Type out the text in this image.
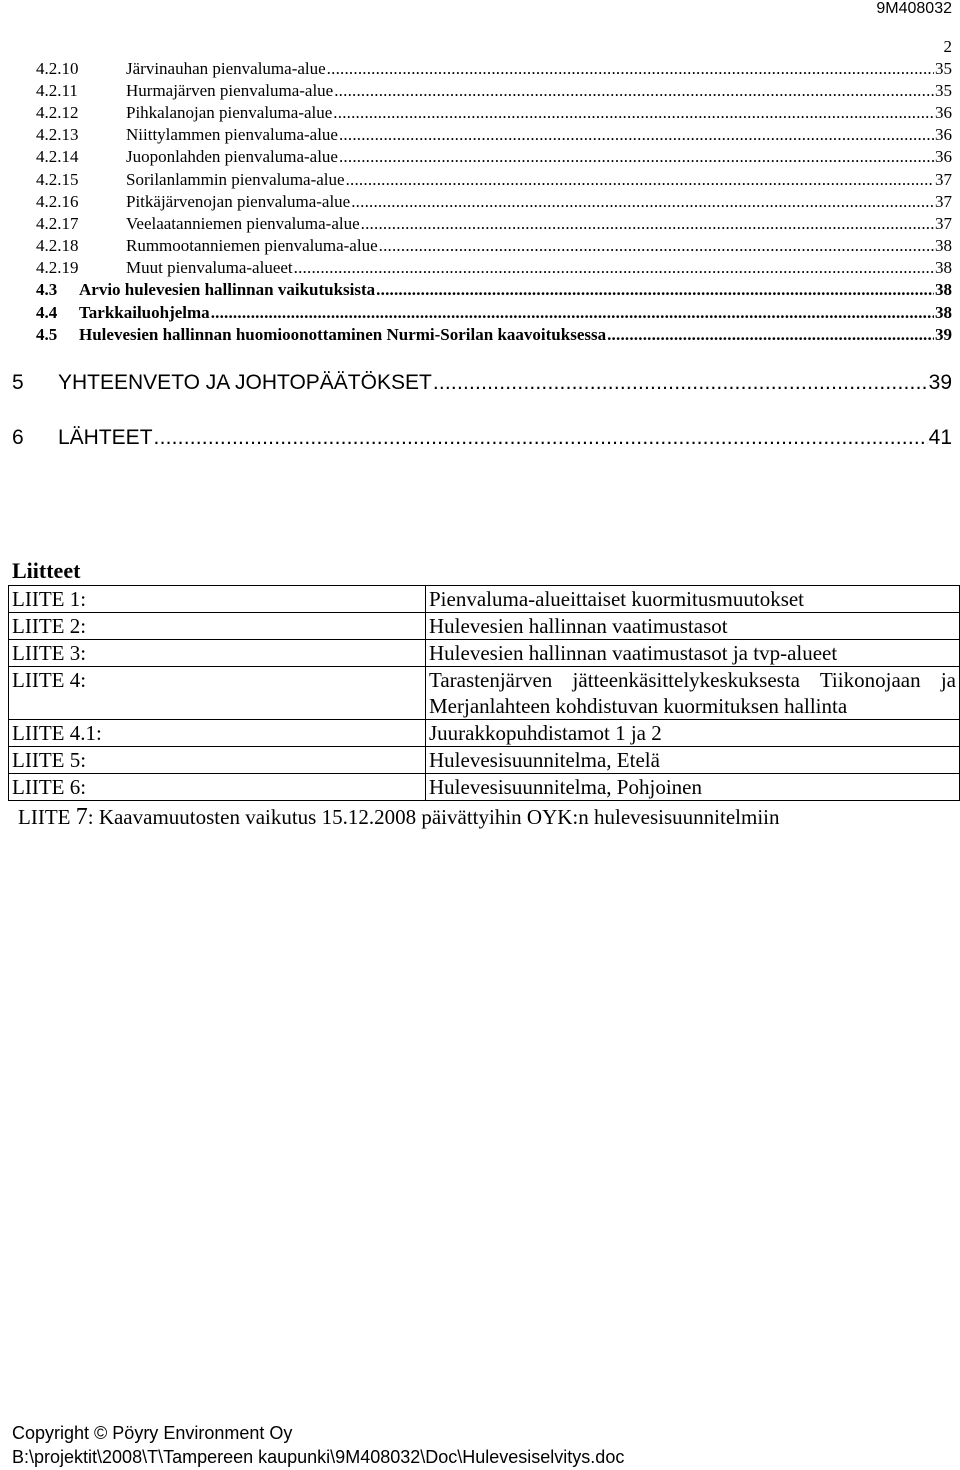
9M408032
2
4.2.10	Järvinauhan pienvaluma-alue .....	35
4.2.11	Hurmajärven pienvaluma-alue .....	35
4.2.12	Pihkalanojan pienvaluma-alue .....	36
4.2.13	Niittylammen pienvaluma-alue .....	36
4.2.14	Juoponlahden pienvaluma-alue .....	36
4.2.15	Sorilanlammin pienvaluma-alue .....	37
4.2.16	Pitkäjärvenojan pienvaluma-alue .....	37
4.2.17	Veelaatanniemen pienvaluma-alue .....	37
4.2.18	Rummootanniemen pienvaluma-alue .....	38
4.2.19	Muut pienvaluma-alueet .....	38
4.3	Arvio hulevesien hallinnan vaikutuksista .....	38
4.4	Tarkkailuohjelma .....	38
4.5	Hulevesien hallinnan huomioonottaminen Nurmi-Sorilan kaavoituksessa .....	39
5	YHTEENVETO JA JOHTOPÄÄTÖKSET .....	39
6	LÄHTEET .....	41
Liitteet
LIITE 1:	Pienvaluma-alueittaiset kuormitusmuutokset
LIITE 2:	Hulevesien hallinnan vaatimustasot
LIITE 3:	Hulevesien hallinnan vaatimustasot ja tvp-alueet
LIITE 4:	Tarastenjärven jätteenkäsittelykeskuksesta Tiikonojaan ja Merjanlahteen kohdistuvan kuormituksen hallinta
LIITE 4.1:	Juurakkopuhdistamot 1 ja 2
LIITE 5:	Hulevesisuunnitelma, Etelä
LIITE 6:	Hulevesisuunnitelma, Pohjoinen
LIITE 7: Kaavamuutosten vaikutus 15.12.2008 päivättyihin OYK:n hulevesisuunnitelmiin
Copyright © Pöyry Environment Oy
B:\projektit\2008\T\Tampereen kaupunki\9M408032\Doc\Hulevesiselvitys.doc
